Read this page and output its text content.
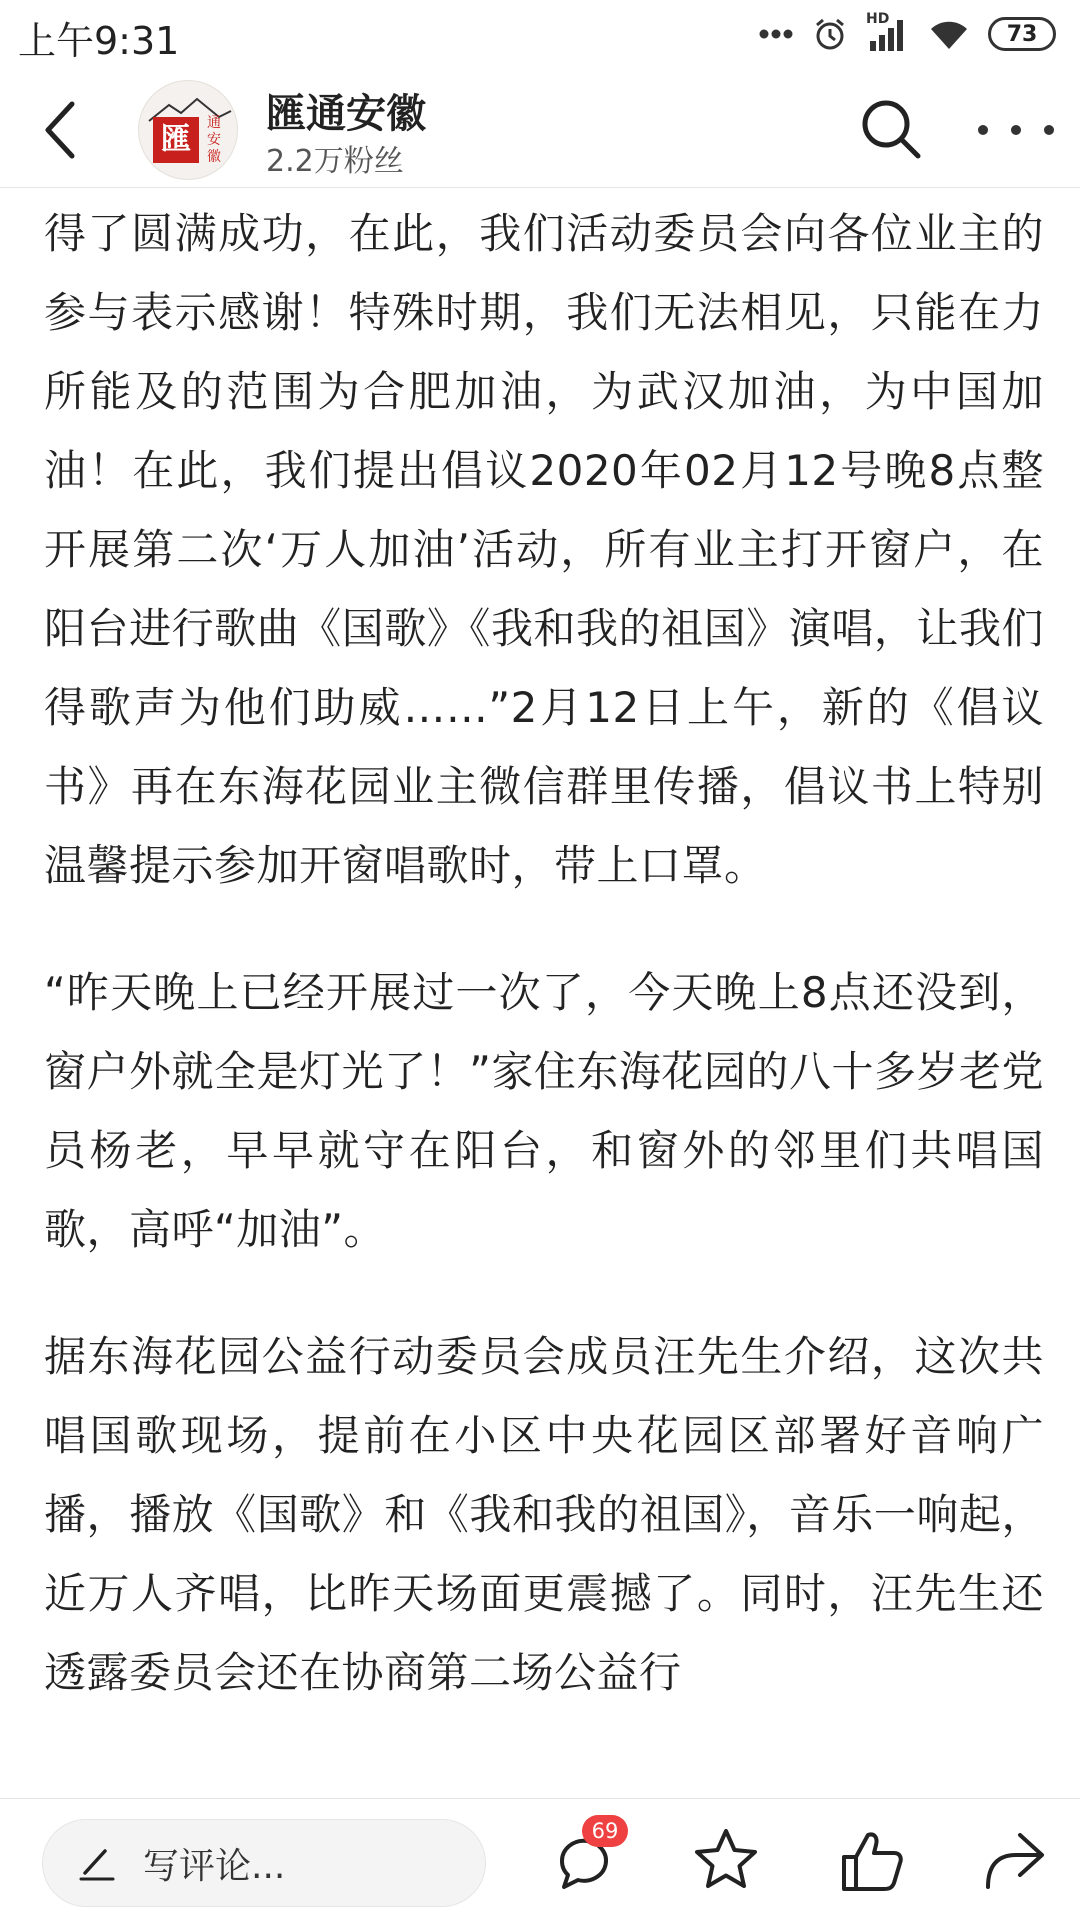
上午9:31	HD
73
匯	通安徽
匯通安徽
2.2万粉丝

得了圆满成功，在此，我们活动委员会向各位业主的参与表示感谢！特殊时期，我们无法相见，只能在力所能及的范围为合肥加油，为武汉加油，为中国加油！在此，我们提出倡议2020年02月12号晚8点整开展第二次‘万人加油’活动，所有业主打开窗户，在阳台进行歌曲《国歌》《我和我的祖国》演唱，让我们得歌声为他们助威……”2月12日上午，新的《倡议书》再在东海花园业主微信群里传播，倡议书上特别温馨提示参加开窗唱歌时，带上口罩。

“昨天晚上已经开展过一次了，今天晚上8点还没到，窗户外就全是灯光了！”家住东海花园的八十多岁老党员杨老，早早就守在阳台，和窗外的邻里们共唱国歌，高呼“加油”。

据东海花园公益行动委员会成员汪先生介绍，这次共唱国歌现场，提前在小区中央花园区部署好音响广播，播放《国歌》和《我和我的祖国》，音乐一响起，近万人齐唱，比昨天场面更震撼了。同时，汪先生还透露委员会还在协商第二场公益行

写评论...
69
